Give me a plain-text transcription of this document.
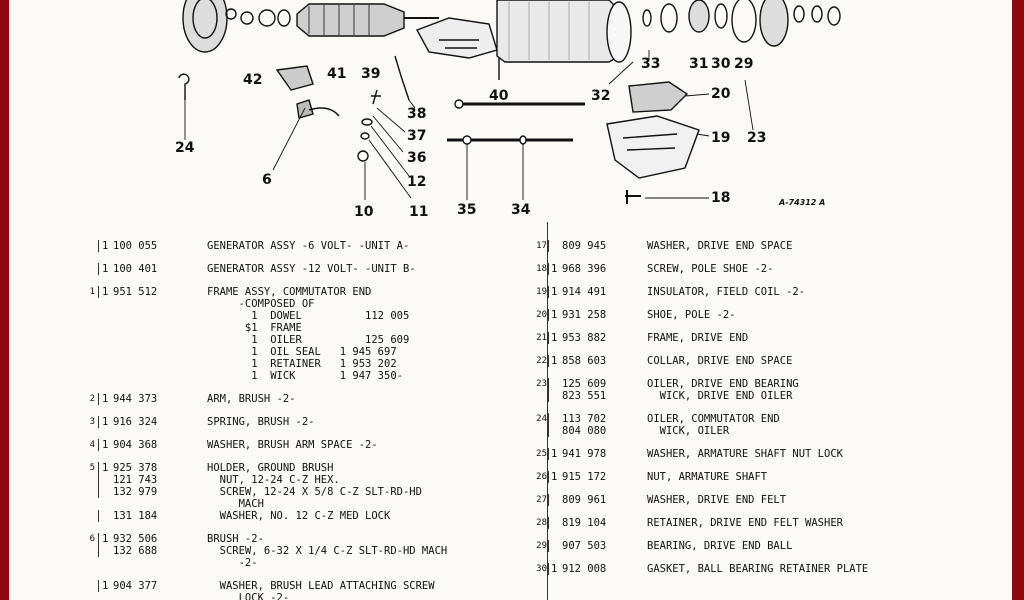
41
42
24
6
39
38
37
36
12
11
10
40
35 34
32
33 31 30 29
20
19 23
18	A-74312 A
1 100 055	GENERATOR ASSY -6 VOLT- -UNIT A-
1 100 401	GENERATOR ASSY -12 VOLT- -UNIT B-
1 1 951 512	FRAME ASSY, COMMUTATOR END
-COMPOSED OF
1  DOWEL          112 005
$1  FRAME
1  OILER          125 609
1  OIL SEAL   1 945 697
1  RETAINER   1 953 202
1  WICK       1 947 350-
2 1 944 373	ARM, BRUSH -2-
3 1 916 324	SPRING, BRUSH -2-
4 1 904 368	WASHER, BRUSH ARM SPACE -2-
5 1 925 378	HOLDER, GROUND BRUSH
121 743	NUT, 12-24 C-Z HEX.
132 979	SCREW, 12-24 X 5/8 C-Z SLT-RD-HD
MACH
131 184	WASHER, NO. 12 C-Z MED LOCK
6 1 932 506	BRUSH -2-
132 688	SCREW, 6-32 X 1/4 C-Z SLT-RD-HD MACH
-2-
1 904 377	WASHER, BRUSH LEAD ATTACHING SCREW
LOCK -2-
17 809 945	WASHER, DRIVE END SPACE
18 1 968 396	SCREW, POLE SHOE -2-
19 1 914 491	INSULATOR, FIELD COIL -2-
20 1 931 258	SHOE, POLE -2-
21 1 953 882	FRAME, DRIVE END
22 1 858 603	COLLAR, DRIVE END SPACE
23 125 609	OILER, DRIVE END BEARING
823 551	WICK, DRIVE END OILER
24 113 702	OILER, COMMUTATOR END
804 080	WICK, OILER
25 1 941 978	WASHER, ARMATURE SHAFT NUT LOCK
26 1 915 172	NUT, ARMATURE SHAFT
27 809 961	WASHER, DRIVE END FELT
28 819 104	RETAINER, DRIVE END FELT WASHER
29 907 503	BEARING, DRIVE END BALL
30 1 912 008	GASKET, BALL BEARING RETAINER PLATE
